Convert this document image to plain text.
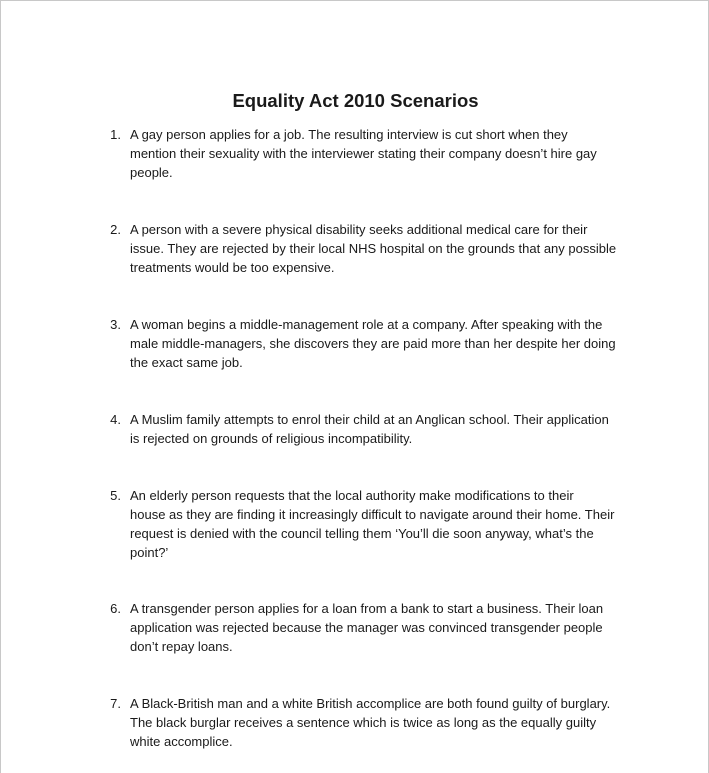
Equality Act 2010 Scenarios
1. A gay person applies for a job. The resulting interview is cut short when they
mention their sexuality with the interviewer stating their company doesn’t hire gay
people.
2. A person with a severe physical disability seeks additional medical care for their
issue. They are rejected by their local NHS hospital on the grounds that any possible
treatments would be too expensive.
3. A woman begins a middle-management role at a company. After speaking with the
male middle-managers, she discovers they are paid more than her despite her doing
the exact same job.
4. A Muslim family attempts to enrol their child at an Anglican school. Their application
is rejected on grounds of religious incompatibility.
5. An elderly person requests that the local authority make modifications to their
house as they are finding it increasingly difficult to navigate around their home. Their
request is denied with the council telling them ‘You’ll die soon anyway, what’s the
point?’
6. A transgender person applies for a loan from a bank to start a business. Their loan
application was rejected because the manager was convinced transgender people
don’t repay loans.
7. A Black-British man and a white British accomplice are both found guilty of burglary.
The black burglar receives a sentence which is twice as long as the equally guilty
white accomplice.
